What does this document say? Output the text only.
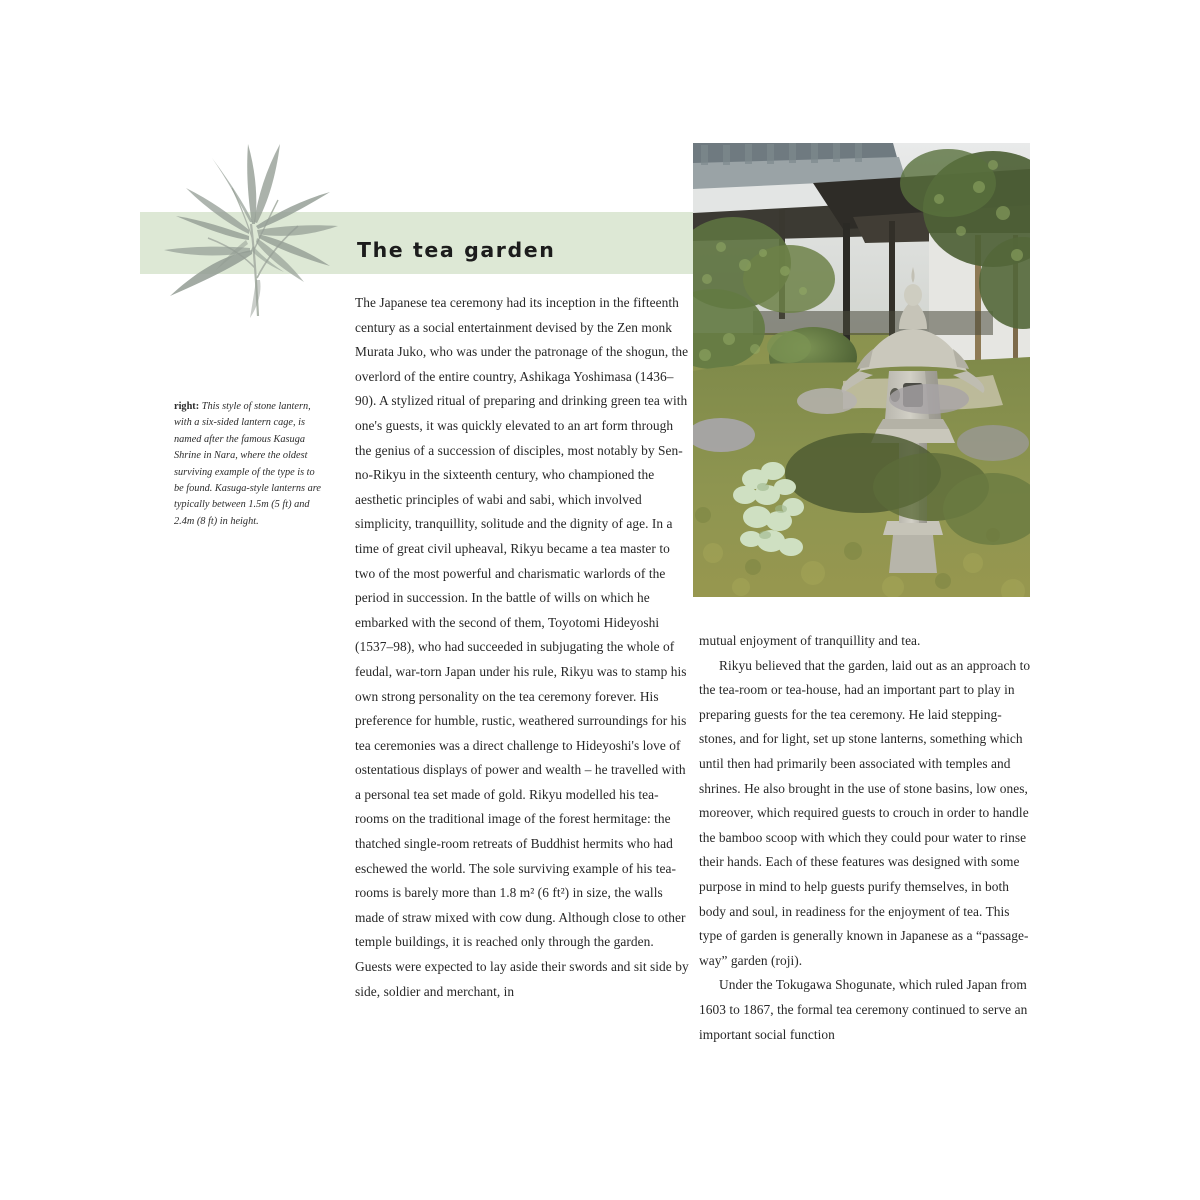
The tea garden
right: This style of stone lantern, with a six-sided lantern cage, is named after the famous Kasuga Shrine in Nara, where the oldest surviving example of the type is to be found. Kasuga-style lanterns are typically between 1.5m (5 ft) and 2.4m (8 ft) in height.

The Japanese tea ceremony had its inception in the fifteenth century as a social entertainment devised by the Zen monk Murata Juko, who was under the patronage of the shogun, the overlord of the entire country, Ashikaga Yoshimasa (1436–90). A stylized ritual of preparing and drinking green tea with one's guests, it was quickly elevated to an art form through the genius of a succession of disciples, most notably by Sen-no-Rikyu in the sixteenth century, who championed the aesthetic principles of wabi and sabi, which involved simplicity, tranquillity, solitude and the dignity of age. In a time of great civil upheaval, Rikyu became a tea master to two of the most powerful and charismatic warlords of the period in succession. In the battle of wills on which he embarked with the second of them, Toyotomi Hideyoshi (1537–98), who had succeeded in subjugating the whole of feudal, war-torn Japan under his rule, Rikyu was to stamp his own strong personality on the tea ceremony forever. His preference for humble, rustic, weathered surroundings for his tea ceremonies was a direct challenge to Hideyoshi's love of ostentatious displays of power and wealth – he travelled with a personal tea set made of gold. Rikyu modelled his tea-rooms on the traditional image of the forest hermitage: the thatched single-room retreats of Buddhist hermits who had eschewed the world. The sole surviving example of his tea-rooms is barely more than 1.8 m² (6 ft²) in size, the walls made of straw mixed with cow dung. Although close to other temple buildings, it is reached only through the garden. Guests were expected to lay aside their swords and sit side by side, soldier and merchant, in

mutual enjoyment of tranquillity and tea.

Rikyu believed that the garden, laid out as an approach to the tea-room or tea-house, had an important part to play in preparing guests for the tea ceremony. He laid stepping-stones, and for light, set up stone lanterns, something which until then had primarily been associated with temples and shrines. He also brought in the use of stone basins, low ones, moreover, which required guests to crouch in order to handle the bamboo scoop with which they could pour water to rinse their hands. Each of these features was designed with some purpose in mind to help guests purify themselves, in both body and soul, in readiness for the enjoyment of tea. This type of garden is generally known in Japanese as a “passage-way” garden (roji).

Under the Tokugawa Shogunate, which ruled Japan from 1603 to 1867, the formal tea ceremony continued to serve an important social function
